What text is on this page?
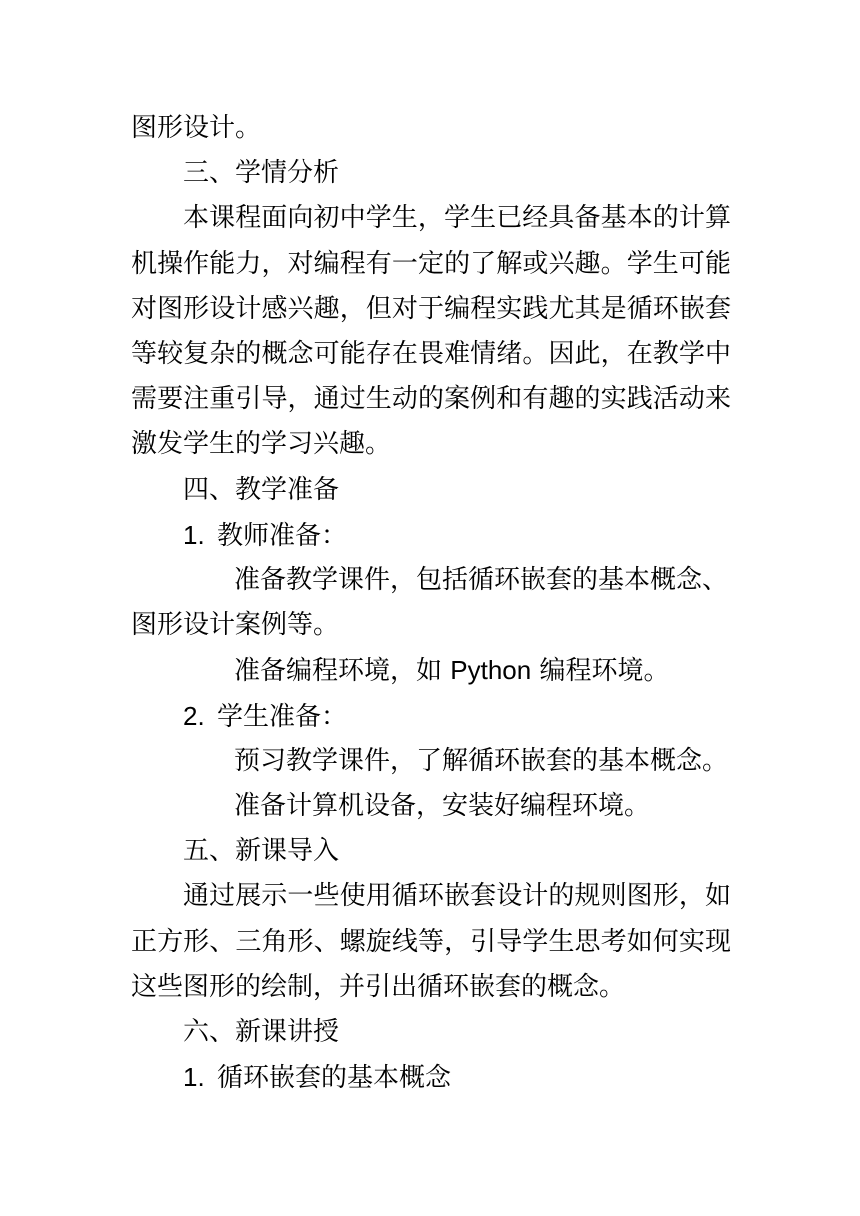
图形设计。
三、学情分析
本课程面向初中学生，学生已经具备基本的计算机操作能力，对编程有一定的了解或兴趣。学生可能对图形设计感兴趣，但对于编程实践尤其是循环嵌套等较复杂的概念可能存在畏难情绪。因此，在教学中需要注重引导，通过生动的案例和有趣的实践活动来激发学生的学习兴趣。
四、教学准备
1. 教师准备：
准备教学课件，包括循环嵌套的基本概念、图形设计案例等。
准备编程环境，如 Python 编程环境。
2. 学生准备：
预习教学课件，了解循环嵌套的基本概念。
准备计算机设备，安装好编程环境。
五、新课导入
通过展示一些使用循环嵌套设计的规则图形，如正方形、三角形、螺旋线等，引导学生思考如何实现这些图形的绘制，并引出循环嵌套的概念。
六、新课讲授
1. 循环嵌套的基本概念
